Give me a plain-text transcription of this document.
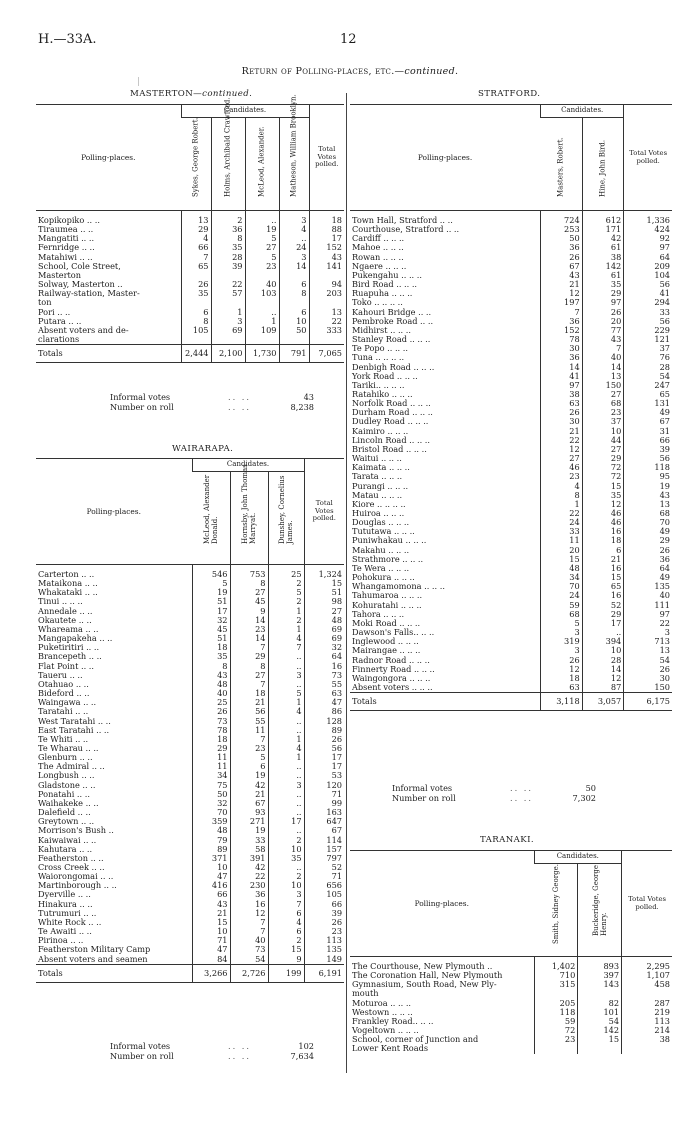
H.—33A.	12
Return of Polling-places, etc.—continued.
MASTERTON—continued.
Polling-places.	Candidates.				Total Votes polled.

	Sykes, George Robert.	Holms, Archibald Crawford.	McLeod, Alexander.	Matheson, William Brooklyn.	

Kopikopiko .. ..	13	2	..	3	18
Tiraumea .. ..	29	36	19	4	88
Mangatiti .. ..	4	8	5	..	17
Fernridge .. ..	66	35	27	24	152
Matahiwi .. ..	7	28	5	3	43
School, Cole Street,	65	39	23	14	141
Masterton					
Solway, Masterton ..	26	22	40	6	94
Railway-station, Master-	35	57	103	8	203
ton					
Pori .. ..	6	1	..	6	13
Putara .. ..	8	3	1	10	22
Absent voters and de-	105	69	109	50	333
clarations					
Totals	2,444	2,100	1,730	791	7,065
Informal votes	.. ..	43
Number on roll	.. ..	8,238
WAIRARAPA.
Polling-places.	Candidates.			Total Votes polled.

	McLeod, Alexander Donald.	Hornsby, John Thomas Marryat.	Dunshey, Cornelius James.	

Carterton .. ..	546	753	25	1,324
Mataikona .. ..	5	8	2	15
Whakataki .. ..	19	27	5	51
Tinui .. .. ..	51	45	2	98
Annedale .. ..	17	9	1	27
Okautete .. ..	32	14	2	48
Whareama .. ..	45	23	1	69
Mangapakeha .. ..	51	14	4	69
Puketiritiri .. ..	18	7	7	32
Brancepeth .. ..	35	29	..	64
Flat Point .. ..	8	8	..	16
Taueru .. ..	43	27	3	73
Otahuao .. ..	48	7	..	55
Bideford .. ..	40	18	5	63
Waingawa .. ..	25	21	1	47
Taratahi .. ..	26	56	4	86
West Taratahi .. ..	73	55	..	128
East Taratahi .. ..	78	11	..	89
Te Whiti .. ..	18	7	1	26
Te Wharau .. ..	29	23	4	56
Glenburn .. ..	11	5	1	17
The Admiral .. ..	11	6	..	17
Longbush .. ..	34	19	..	53
Gladstone .. ..	75	42	3	120
Ponatahi .. ..	50	21	..	71
Waihakeke .. ..	32	67	..	99
Dalefield .. ..	70	93	..	163
Greytown .. ..	359	271	17	647
Morrison's Bush ..	48	19	..	67
Kaiwaiwai .. ..	79	33	2	114
Kahutara .. ..	89	58	10	157
Featherston .. ..	371	391	35	797
Cross Creek .. ..	10	42	..	52
Waiorongomai .. ..	47	22	2	71
Martinborough .. ..	416	230	10	656
Dyerville .. ..	66	36	3	105
Hinakura .. ..	43	16	7	66
Tutrumuri .. ..	21	12	6	39
White Rock .. ..	15	7	4	26
Te Awaiti .. ..	10	7	6	23
Pirinoa .. ..	71	40	2	113
Featherston Military Camp	47	73	15	135
Absent voters and seamen	84	54	9	149
Totals	3,266	2,726	199	6,191
Informal votes	.. ..	102
Number on roll	.. ..	7,634
STRATFORD.
Polling-places.	Candidates.		Total Votes polled.

	Masters, Robert.	Hine, John Bird.	

Town Hall, Stratford .. ..	724	612	1,336
Courthouse, Stratford .. ..	253	171	424
Cardiff .. .. ..	50	42	92
Mahoe .. .. ..	36	61	97
Rowan .. .. ..	26	38	64
Ngaere .. .. ..	67	142	209
Pukengahu .. .. ..	43	61	104
Bird Road .. .. ..	21	35	56
Ruapuha .. .. ..	12	29	41
Toko .. .. .. ..	197	97	294
Kahouri Bridge .. ..	7	26	33
Pembroke Road .. ..	36	20	56
Midhirst .. .. ..	152	77	229
Stanley Road .. .. ..	78	43	121
Te Popo .. .. ..	30	7	37
Tuna .. .. .. ..	36	40	76
Denbigh Road .. .. ..	14	14	28
York Road .. .. ..	41	13	54
Tariki.. .. .. ..	97	150	247
Ratahiko .. .. ..	38	27	65
Norfolk Road .. .. ..	63	68	131
Durham Road .. .. ..	26	23	49
Dudley Road .. .. ..	30	37	67
Kaimiro .. .. ..	21	10	31
Lincoln Road .. .. ..	22	44	66
Bristol Road .. .. ..	12	27	39
Waitui .. .. ..	27	29	56
Kaimata .. .. ..	46	72	118
Tarata .. .. ..	23	72	95
Purangi .. .. ..	4	15	19
Matau .. .. ..	8	35	43
Kiore .. .. .. ..	1	12	13
Huiroa .. .. ..	22	46	68
Douglas .. .. ..	24	46	70
Tututawa .. .. ..	33	16	49
Puniwhakau .. .. ..	11	18	29
Makahu .. .. ..	20	6	26
Strathmore .. .. ..	15	21	36
Te Wera .. .. ..	48	16	64
Pohokura .. .. ..	34	15	49
Whangamomona .. .. ..	70	65	135
Tahumaroa .. .. ..	24	16	40
Kohuratahi .. .. ..	59	52	111
Tahora .. .. ..	68	29	97
Moki Road .. .. ..	5	17	22
Dawson's Falls.. .. ..	3	..	3
Inglewood .. .. ..	319	394	713
Mairangae .. .. ..	3	10	13
Radnor Road .. .. ..	26	28	54
Finnerty Road .. .. ..	12	14	26
Waingongora .. .. ..	18	12	30
Absent voters .. .. ..	63	87	150
Totals	3,118	3,057	6,175
Informal votes	.. ..	50
Number on roll	.. ..	7,302
TARANAKI.
Polling-places.	Candidates.		Total Votes polled.

	Smith, Sidney George.	Buckeridge, George Henry.	

The Courthouse, New Plymouth ..	1,402	893	2,295
The Coronation Hall, New Plymouth	710	397	1,107
Gymnasium, South Road, New Ply-	315	143	458
mouth			
Moturoa .. .. ..	205	82	287
Westown .. .. ..	118	101	219
Frankley Road.. .. ..	59	54	113
Vogeltown .. .. ..	72	142	214
School, corner of Junction and	23	15	38
Lower Kent Roads			
